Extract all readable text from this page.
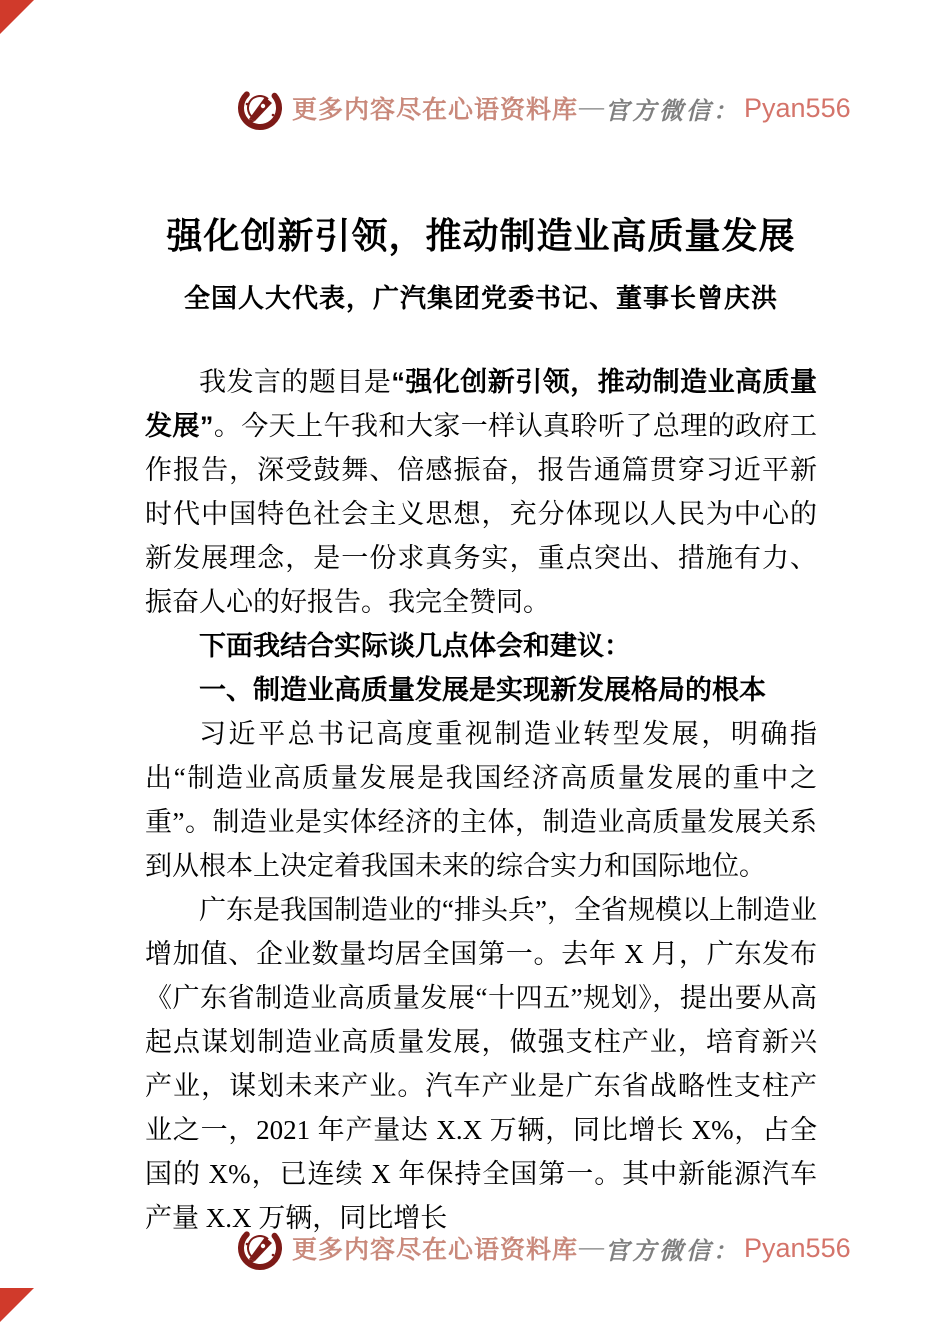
更多内容尽在心语资料库 — 官方微信： Pyan556
强化创新引领，推动制造业高质量发展
全国人大代表，广汽集团党委书记、董事长曾庆洪

我发言的题目是“强化创新引领，推动制造业高质量发展”。今天上午我和大家一样认真聆听了总理的政府工作报告，深受鼓舞、倍感振奋，报告通篇贯穿习近平新时代中国特色社会主义思想，充分体现以人民为中心的新发展理念，是一份求真务实，重点突出、措施有力、振奋人心的好报告。我完全赞同。

下面我结合实际谈几点体会和建议：

一、制造业高质量发展是实现新发展格局的根本

习近平总书记高度重视制造业转型发展，明确指出“制造业高质量发展是我国经济高质量发展的重中之重”。制造业是实体经济的主体，制造业高质量发展关系到从根本上决定着我国未来的综合实力和国际地位。

广东是我国制造业的“排头兵”，全省规模以上制造业增加值、企业数量均居全国第一。去年 X 月，广东发布《广东省制造业高质量发展“十四五”规划》，提出要从高起点谋划制造业高质量发展，做强支柱产业，培育新兴产业，谋划未来产业。汽车产业是广东省战略性支柱产业之一，2021 年产量达 X.X 万辆，同比增长 X%，占全国的 X%，已连续 X 年保持全国第一。其中新能源汽车产量 X.X 万辆，同比增长

更多内容尽在心语资料库 — 官方微信： Pyan556
